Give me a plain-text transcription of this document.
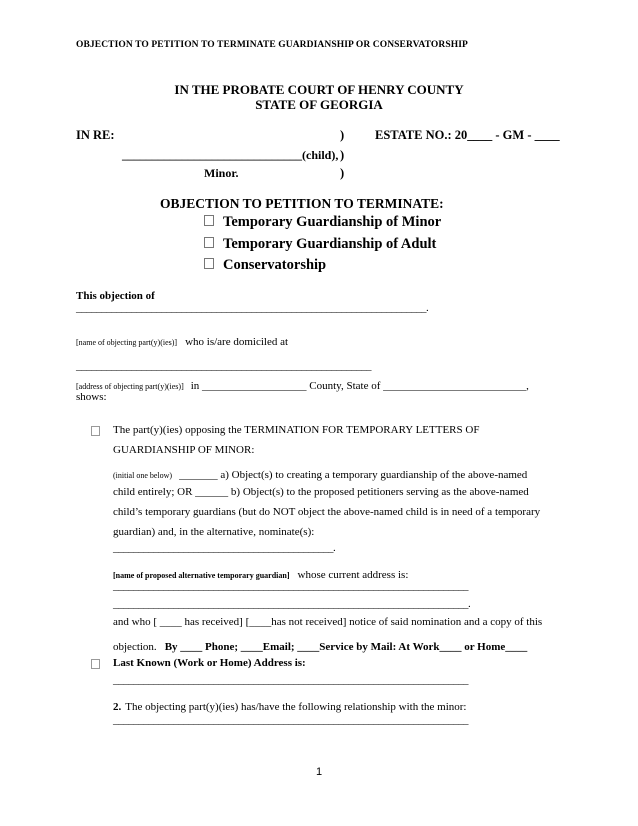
OBJECTION TO PETITION TO TERMINATE GUARDIANSHIP OR CONSERVATORSHIP
IN THE PROBATE COURT OF HENRY COUNTY
STATE OF GEORGIA
IN RE:	) ESTATE NO.: 20____ - GM - ____
______________________________(child), )
Minor.	)
OBJECTION TO PETITION TO TERMINATE:
Temporary Guardianship of Minor
Temporary Guardianship of Adult
Conservatorship
This objection of
______________________________________________________________________.
[name of objecting part(y)(ies)] who is/are domiciled at
___________________________________________________________
[address of objecting part(y)(ies)] in ___________________ County, State of __________________________,
shows:
The part(y)(ies) opposing the TERMINATION FOR TEMPORARY LETTERS OF
GUARDIANSHIP OF MINOR:
(initial one below) _______ a) Object(s) to creating a temporary guardianship of the above-named
child entirely; OR ______ b) Object(s) to the proposed petitioners serving as the above-named
child’s temporary guardians (but do NOT object the above-named child is in need of a temporary
guardian) and, in the alternative, nominate(s):
____________________________________________.
[name of proposed alternative temporary guardian] whose current address is:
_______________________________________________________________________
_______________________________________________________________________.
and who [ ____ has received] [____has not received] notice of said nomination and a copy of this
objection. By ____ Phone; ____Email; ____Service by Mail: At Work____ or Home____
Last Known (Work or Home) Address is:
_______________________________________________________________________
2. The objecting part(y)(ies) has/have the following relationship with the minor:
_______________________________________________________________________
1
